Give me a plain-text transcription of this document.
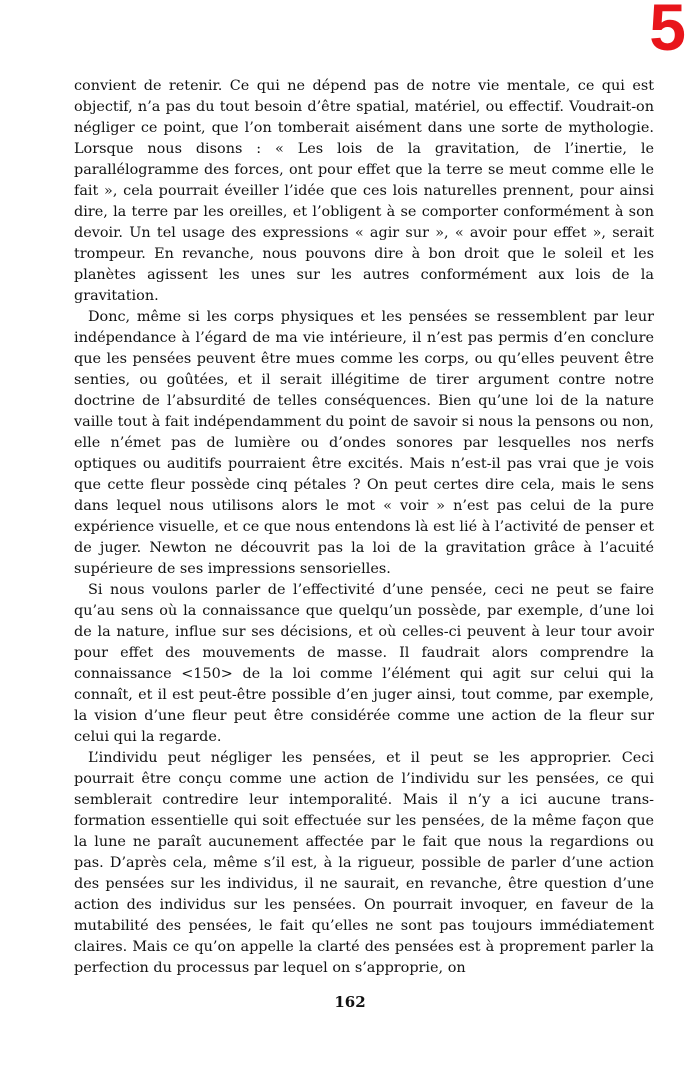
5

convient de retenir. Ce qui ne dépend pas de notre vie mentale, ce qui est objectif, n’a pas du tout besoin d’être spatial, matériel, ou effectif. Voudrait-on négliger ce point, que l’on tomberait aisément dans une sorte de mythologie. Lorsque nous disons : « Les lois de la gravitation, de l’inertie, le parallélogramme des forces, ont pour effet que la terre se meut comme elle le fait », cela pourrait éveiller l’idée que ces lois naturelles prennent, pour ainsi dire, la terre par les oreilles, et l’obligent à se comporter conformément à son devoir. Un tel usage des expressions « agir sur », « avoir pour effet », serait trompeur. En revanche, nous pouvons dire à bon droit que le soleil et les planètes agissent les unes sur les autres conformément aux lois de la gravitation.

Donc, même si les corps physiques et les pensées se ressemblent par leur indépendance à l’égard de ma vie intérieure, il n’est pas permis d’en conclure que les pensées peuvent être mues comme les corps, ou qu’elles peuvent être senties, ou goûtées, et il serait illégitime de tirer argument contre notre doctrine de l’absurdité de telles conséquences. Bien qu’une loi de la nature vaille tout à fait indépendamment du point de savoir si nous la pensons ou non, elle n’émet pas de lumière ou d’ondes sonores par lesquelles nos nerfs optiques ou auditifs pourraient être excités. Mais n’est-il pas vrai que je vois que cette fleur possède cinq pétales ? On peut certes dire cela, mais le sens dans lequel nous utilisons alors le mot « voir » n’est pas celui de la pure expérience visuelle, et ce que nous entendons là est lié à l’activité de penser et de juger. Newton ne découvrit pas la loi de la gravitation grâce à l’acuité supérieure de ses impressions sensorielles.

Si nous voulons parler de l’effectivité d’une pensée, ceci ne peut se faire qu’au sens où la connaissance que quelqu’un possède, par exemple, d’une loi de la nature, influe sur ses décisions, et où celles-ci peuvent à leur tour avoir pour effet des mouvements de masse. Il faudrait alors comprendre la connaissance <150> de la loi comme l’élément qui agit sur celui qui la connaît, et il est peut-être possible d’en juger ainsi, tout comme, par exemple, la vision d’une fleur peut être considérée comme une action de la fleur sur celui qui la regarde.

L’individu peut négliger les pensées, et il peut se les approprier. Ceci pourrait être conçu comme une action de l’individu sur les pensées, ce qui semblerait contredire leur intemporalité. Mais il n’y a ici aucune transformation essentielle qui soit effectuée sur les pensées, de la même façon que la lune ne paraît aucunement affectée par le fait que nous la regardions ou pas. D’après cela, même s’il est, à la rigueur, possible de parler d’une action des pensées sur les individus, il ne saurait, en revanche, être question d’une action des individus sur les pensées. On pourrait invoquer, en faveur de la mutabilité des pensées, le fait qu’elles ne sont pas toujours immédiatement claires. Mais ce qu’on appelle la clarté des pensées est à proprement parler la perfection du processus par lequel on s’approprie, on

162
